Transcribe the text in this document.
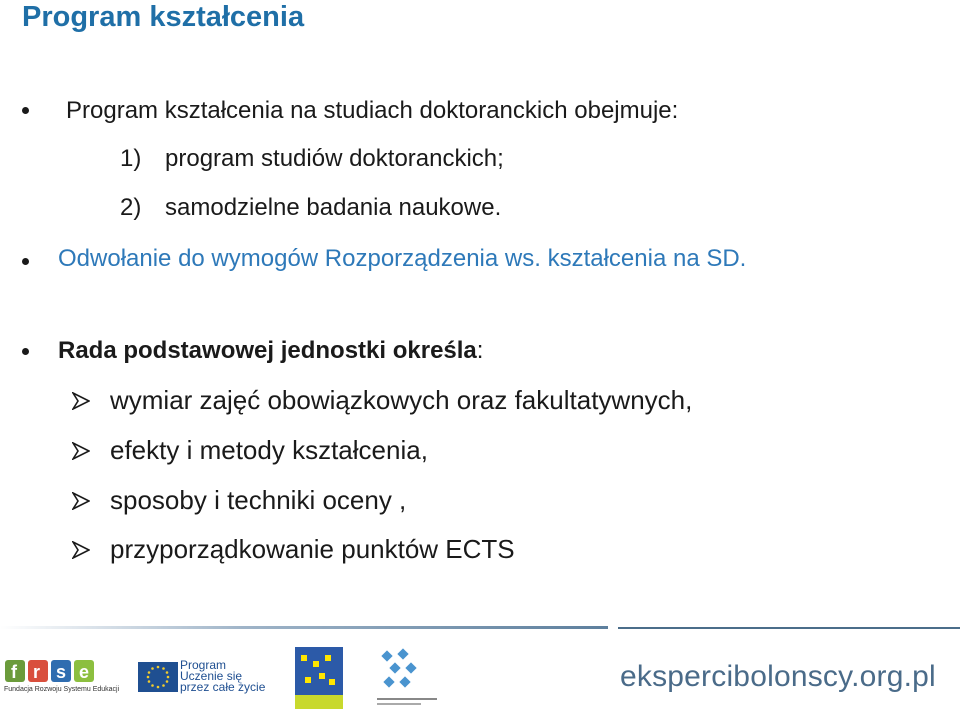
Program kształcenia
Program kształcenia na studiach doktoranckich obejmuje:
1) program studiów doktoranckich;
2) samodzielne badania naukowe.
Odwołanie do wymogów Rozporządzenia ws. kształcenia na SD.
Rada podstawowej jednostki określa:
wymiar zajęć obowiązkowych oraz fakultatywnych,
efekty i metody kształcenia,
sposoby i techniki oceny ,
przyporządkowanie punktów ECTS
f r s e
Fundacja Rozwoju Systemu Edukacji
Program
Uczenie się
przez całe życie	ekspercibolonscy.org.pl
